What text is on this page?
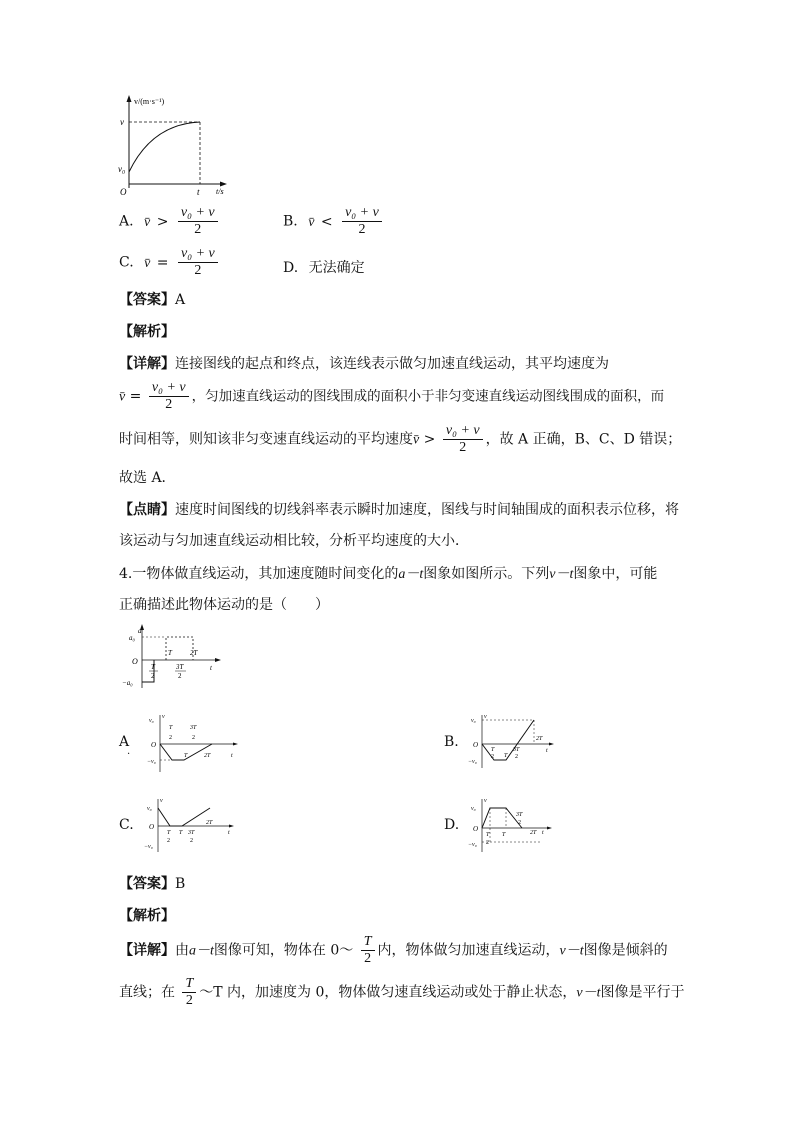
v/(m·s⁻¹)
t/s
v
v₀
O	t
A. v̄ > $\frac{\text{v₀ + v}}{2}$	B. v̄ < $\frac{\text{v₀ + v}}{2}$
C. v̄ = $\frac{\text{v₀ + v}}{2}$	D. 无法确定
【答案】A
【解析】
【详解】连接图线的起点和终点，该连线表示做匀加速直线运动，其平均速度为
v̄ = $\frac{\text{v₀ + v}}{2}$ ，匀加速直线运动的图线围成的面积小于非匀变速直线运动图线围成的面积，而
时间相等，则知该非匀变速直线运动的平均速度v̄ > $\frac{\text{v₀ + v}}{2}$ ，故 A 正确，B、C、D 错误；
故选 A．
【点睛】速度时间图线的切线斜率表示瞬时加速度，图线与时间轴围成的面积表示位移，将
该运动与匀加速直线运动相比较，分析平均速度的大小．
4.一物体做直线运动，其加速度随时间变化的a－t图象如图所示。下列v－t图象中，可能
正确描述此物体运动的是（　　）
a
a₀
−a₀
O
t
T	2T
T
2
3T
2
A
.
v₀
v
−v₀
O
T
2
3T
2
T	2T	t
B.
v₀
v
−v₀
O
T
2
3T
2
T
2T
t
C.
v₀
v
−v₀
O
T
2
T 3T
2
2T
t	D.
v₀
v
−v₀
O
T
2
T
3T
2
2T t
【答案】B
【解析】
【详解】由a－t图像可知，物体在 0～ $\frac{T}{2}$ 内，物体做匀加速直线运动，v－t图像是倾斜的
直线；在 $\frac{T}{2}$ ～T 内，加速度为 0，物体做匀速直线运动或处于静止状态，v－t图像是平行于
